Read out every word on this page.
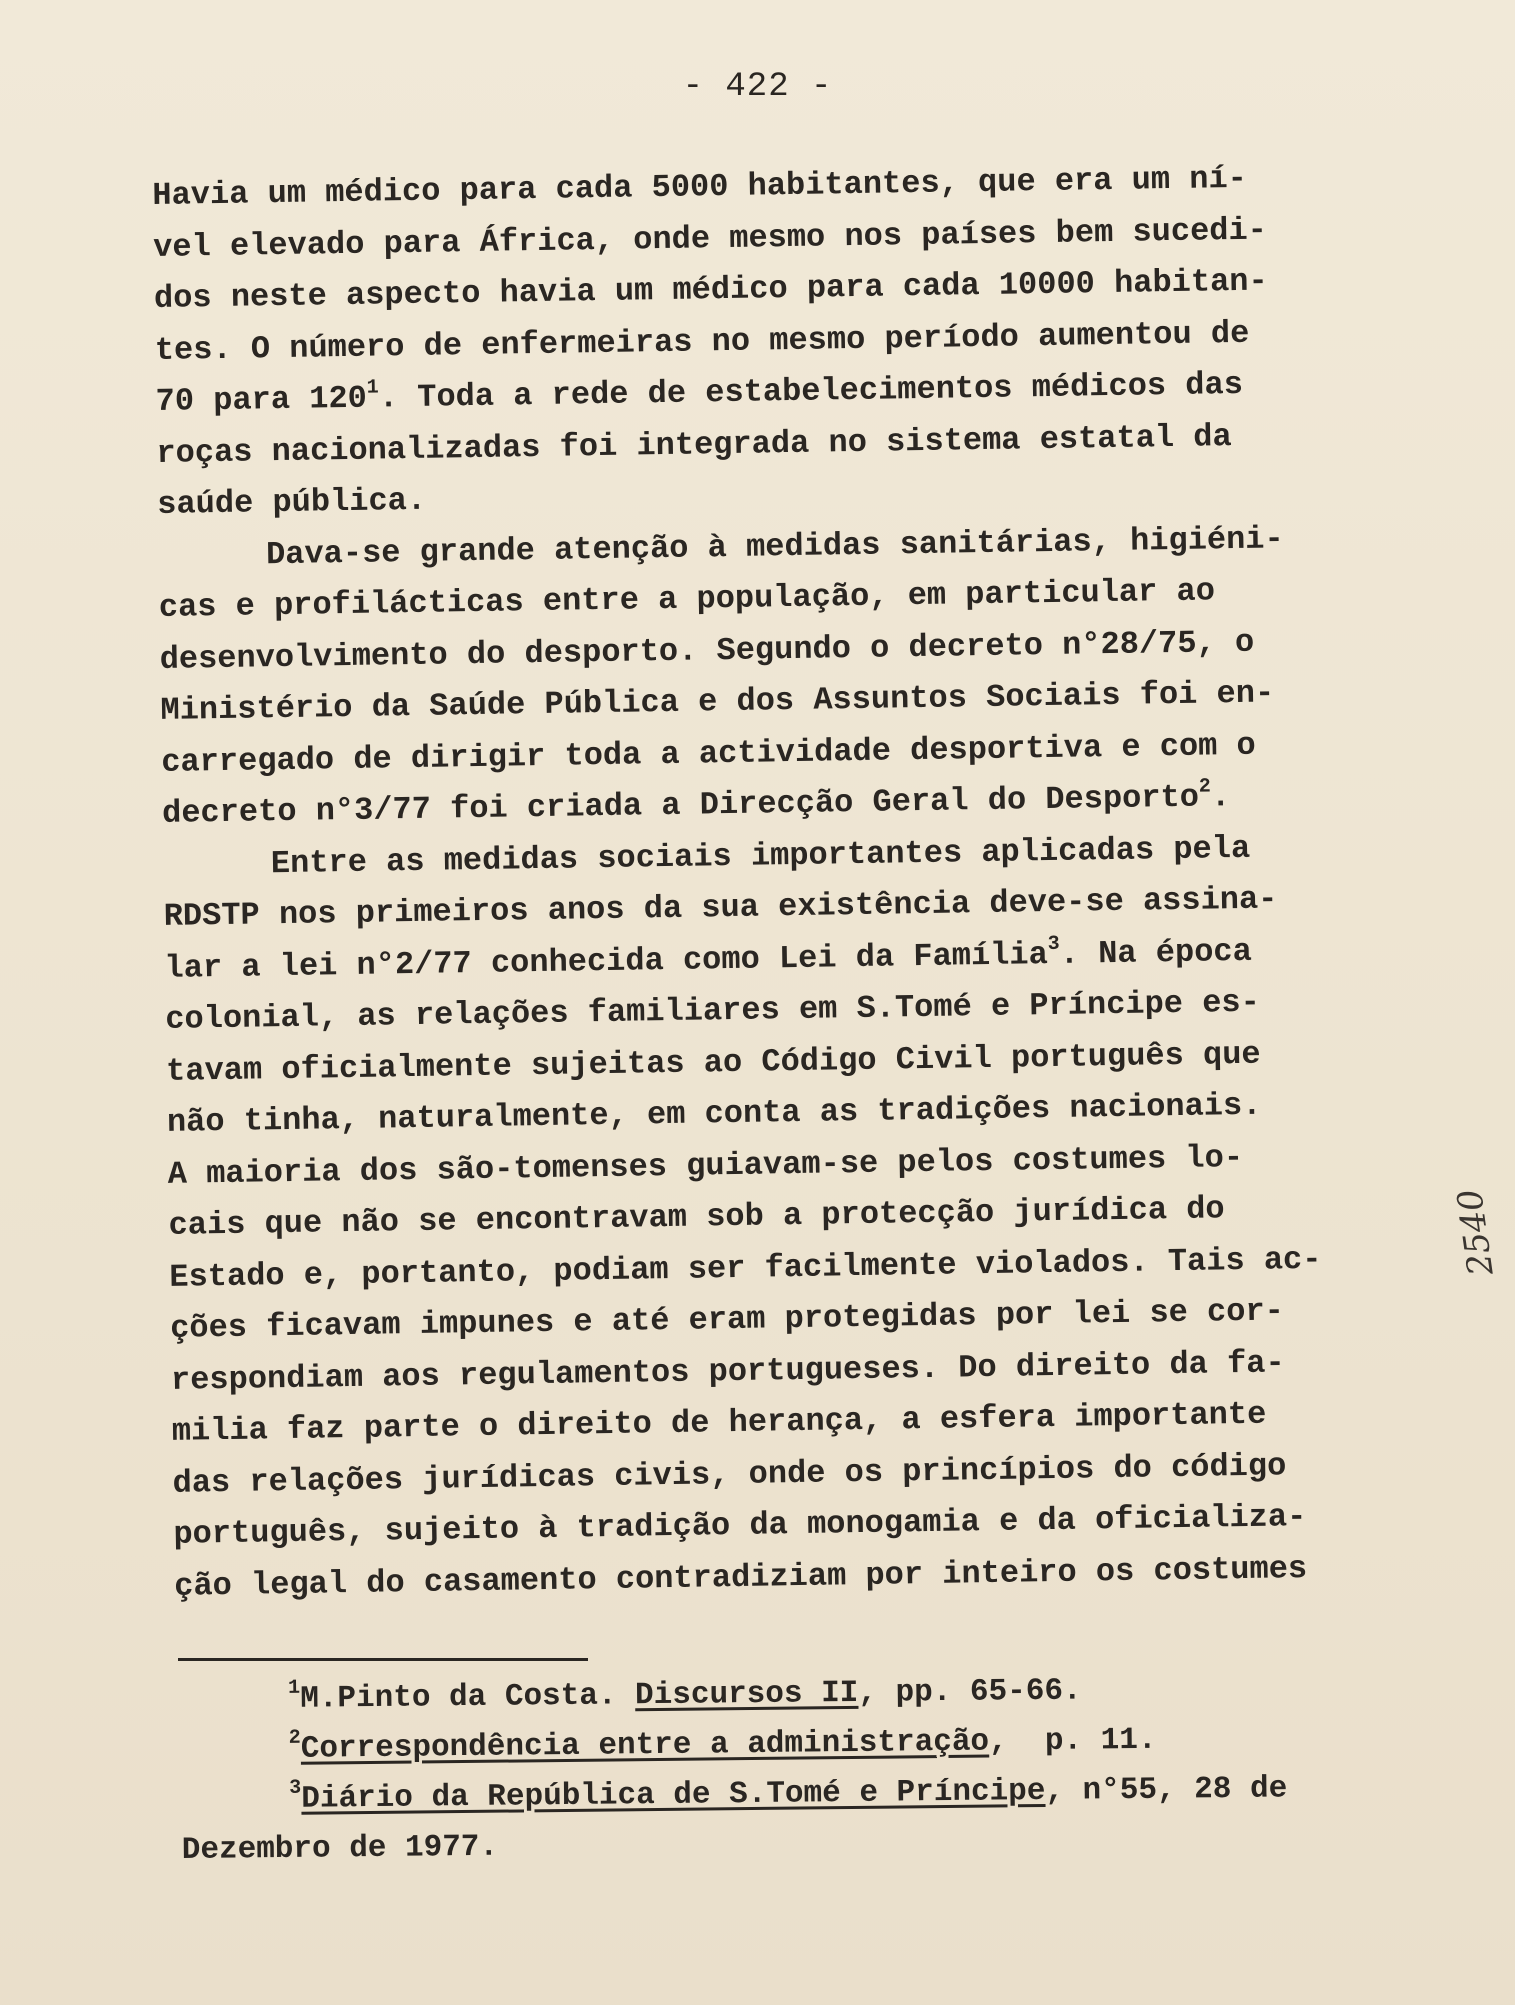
- 422 -
Havia um médico para cada 5000 habitantes, que era um ní-
vel elevado para África, onde mesmo nos países bem sucedi-
dos neste aspecto havia um médico para cada 10000 habitan-
tes. O número de enfermeiras no mesmo período aumentou de
70 para $120^1$. Toda a rede de estabelecimentos médicos das
roças nacionalizadas foi integrada no sistema estatal da
saúde pública.
Dava-se grande atenção à medidas sanitárias, higiéni-
cas e profilácticas entre a população, em particular ao
desenvolvimento do desporto. Segundo o decreto n°28/75, o
Ministério da Saúde Pública e dos Assuntos Sociais foi en-
carregado de dirigir toda a actividade desportiva e com o
decreto n°3/77 foi criada a Direcção Geral do Desporto$^2$.
Entre as medidas sociais importantes aplicadas pela
RDSTP nos primeiros anos da sua existência deve-se assina-
lar a lei n°2/77 conhecida como Lei da Família$^3$. Na época
colonial, as relações familiares em S.Tomé e Príncipe es-
tavam oficialmente sujeitas ao Código Civil português que
não tinha, naturalmente, em conta as tradições nacionais.
A maioria dos são-tomenses guiavam-se pelos costumes lo-
cais que não se encontravam sob a protecção jurídica do
Estado e, portanto, podiam ser facilmente violados. Tais ac-
ções ficavam impunes e até eram protegidas por lei se cor-
respondiam aos regulamentos portugueses. Do direito da fa-
milia faz parte o direito de herança, a esfera importante
das relações jurídicas civis, onde os princípios do código
português, sujeito à tradição da monogamia e da oficializa-
ção legal do casamento contradiziam por inteiro os costumes
$^1$M.Pinto da Costa. Discursos II, pp. 65-66.
$^2$Correspondência entre a administração,  p. 11.
$^3$Diário da República de S.Tomé e Príncipe, n°55, 28 de
Dezembro de 1977.
2540
